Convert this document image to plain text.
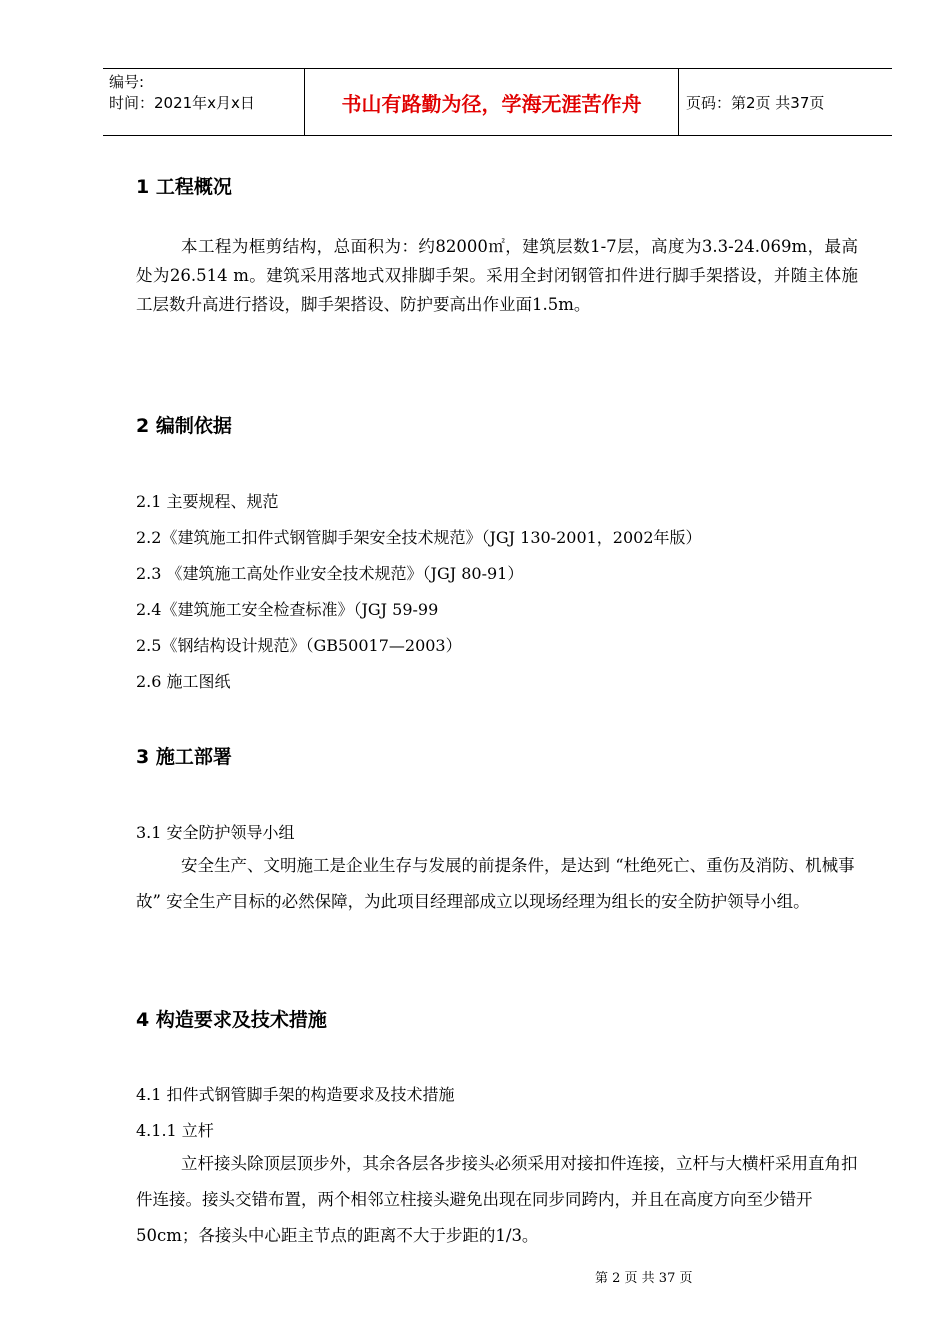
编号:
时间：2021年x月x日	书山有路勤为径，学海无涯苦作舟	页码：第2页 共37页
1 工程概况
本工程为框剪结构，总面积为：约82000㎡，建筑层数1-7层，高度为3.3-24.069m，最高处为26.514 m。建筑采用落地式双排脚手架。采用全封闭钢管扣件进行脚手架搭设，并随主体施工层数升高进行搭设，脚手架搭设、防护要高出作业面1.5m。
2 编制依据
2.1 主要规程、规范
2.2《建筑施工扣件式钢管脚手架安全技术规范》（JGJ 130-2001，2002年版）
2.3 《建筑施工高处作业安全技术规范》（JGJ 80-91）
2.4《建筑施工安全检查标准》（JGJ 59-99
2.5《钢结构设计规范》（GB50017—2003）
2.6 施工图纸
3 施工部署
3.1 安全防护领导小组
安全生产、文明施工是企业生存与发展的前提条件，是达到 “杜绝死亡、重伤及消防、机械事故” 安全生产目标的必然保障，为此项目经理部成立以现场经理为组长的安全防护领导小组。
4 构造要求及技术措施
4.1 扣件式钢管脚手架的构造要求及技术措施
4.1.1 立杆
立杆接头除顶层顶步外，其余各层各步接头必须采用对接扣件连接，立杆与大横杆采用直角扣件连接。接头交错布置，两个相邻立柱接头避免出现在同步同跨内，并且在高度方向至少错开50cm；各接头中心距主节点的距离不大于步距的1/3。
第 2 页 共 37 页
